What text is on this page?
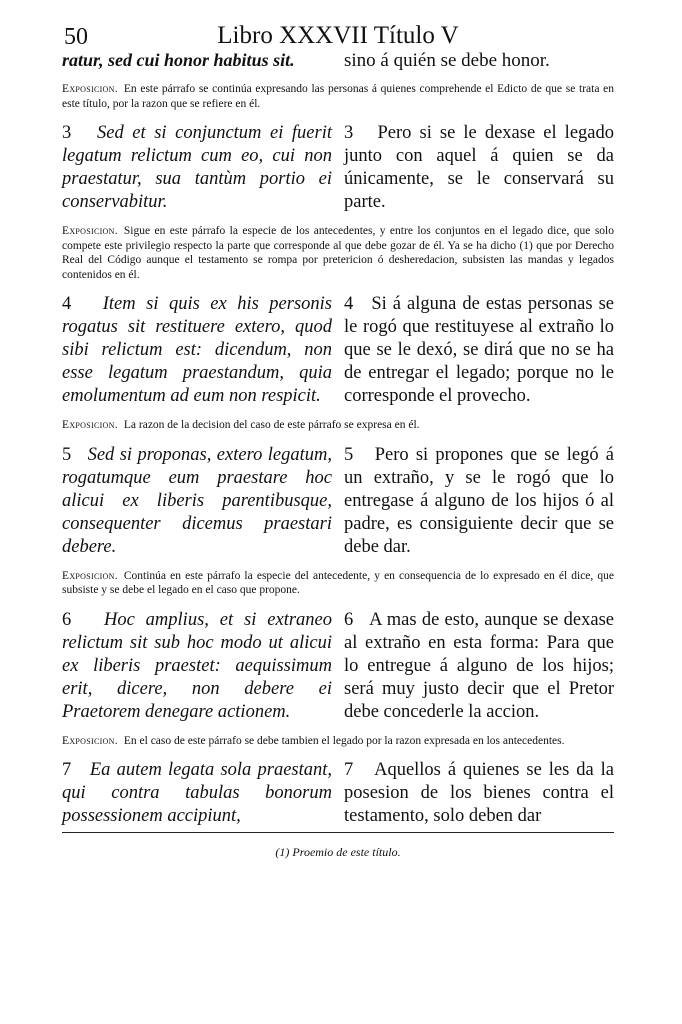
50	Libro XXXVII Título V
ratur, sed cui honor habitus sit.	sino á quién se debe honor.
Exposicion. En este párrafo se continúa expresando las personas á quienes comprehende el Edicto de que se trata en este título, por la razon que se refiere en él.
3 Sed et si conjunctum ei fuerit legatum relictum cum eo, cui non praestatur, sua tantùm portio ei conservabitur.
3 Pero si se le dexase el legado junto con aquel á quien se da únicamente, se le conservará su parte.
Exposicion. Sigue en este párrafo la especie de los antecedentes, y entre los conjuntos en el legado dice, que solo compete este privilegio respecto la parte que corresponde al que debe gozar de él. Ya se ha dicho (1) que por Derecho Real del Código aunque el testamento se rompa por pretericion ó desheredacion, subsisten las mandas y legados contenidos en él.
4 Item si quis ex his personis rogatus sit restituere extero, quod sibi relictum est: dicendum, non esse legatum praestandum, quia emolumentum ad eum non respicit.
4 Si á alguna de estas personas se le rogó que restituyese al extraño lo que se le dexó, se dirá que no se ha de entregar el legado; porque no le corresponde el provecho.
Exposicion. La razon de la decision del caso de este párrafo se expresa en él.
5 Sed si proponas, extero legatum, rogatumque eum praestare hoc alicui ex liberis parentibusque, consequenter dicemus praestari debere.
5 Pero si propones que se legó á un extraño, y se le rogó que lo entregase á alguno de los hijos ó al padre, es consiguiente decir que se debe dar.
Exposicion. Continúa en este párrafo la especie del antecedente, y en consequencia de lo expresado en él dice, que subsiste y se debe el legado en el caso que propone.
6 Hoc amplius, et si extraneo relictum sit sub hoc modo ut alicui ex liberis praestet: aequissimum erit, dicere, non debere ei Praetorem denegare actionem.
6 A mas de esto, aunque se dexase al extraño en esta forma: Para que lo entregue á alguno de los hijos; será muy justo decir que el Pretor debe concederle la accion.
Exposicion. En el caso de este párrafo se debe tambien el legado por la razon expresada en los antecedentes.
7 Ea autem legata sola praestant, qui contra tabulas bonorum possessionem accipiunt,
7 Aquellos á quienes se les da la posesion de los bienes contra el testamento, solo deben dar
(1) Proemio de este título.
